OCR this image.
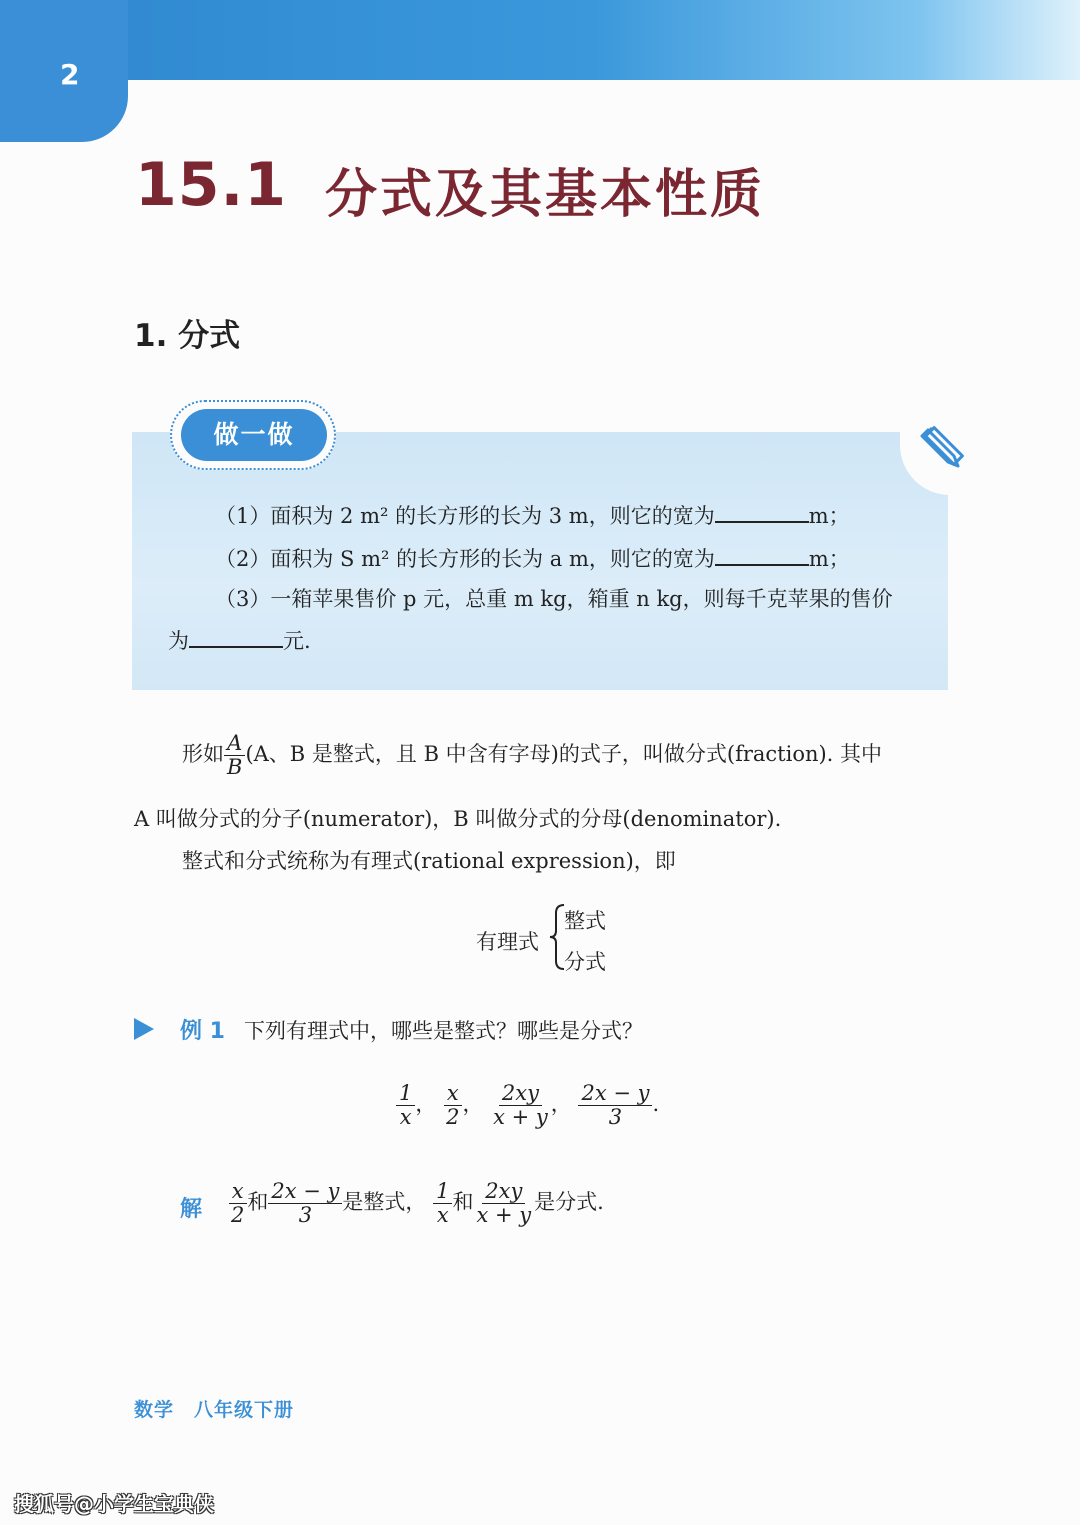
2
15.1 分式及其基本性质
1. 分式
做一做
（1）面积为 2 m² 的长方形的长为 3 m，则它的宽为	m；
（2）面积为 S m² 的长方形的长为 a m，则它的宽为	m；
（3）一箱苹果售价 p 元，总重 m kg，箱重 n kg，则每千克苹果的售价
为	元.
形如 $\frac{A}{B} (A$、B 是整式，且 B 中含有字母)的式子，叫做分式(fraction). 其中
A 叫做分式的分子(numerator)，B 叫做分式的分母(denominator).
整式和分式统称为有理式(rational expression)，即
有理式
整式
分式
例 1 下列有理式中，哪些是整式？哪些是分式？
$\frac{1}{x}$ ， $\frac{x}{2}$ ， $\frac{2xy}{x + y}$ ， $\frac{2x - y}{3}$ .
解 $\frac{x}{2}$ 和 $\frac{2x - y}{3}$ 是整式， $\frac{1}{x}$ 和 $\frac{2xy}{x + y}$ 是分式.
数学　八年级下册
搜狐号@小学生宝典侠
